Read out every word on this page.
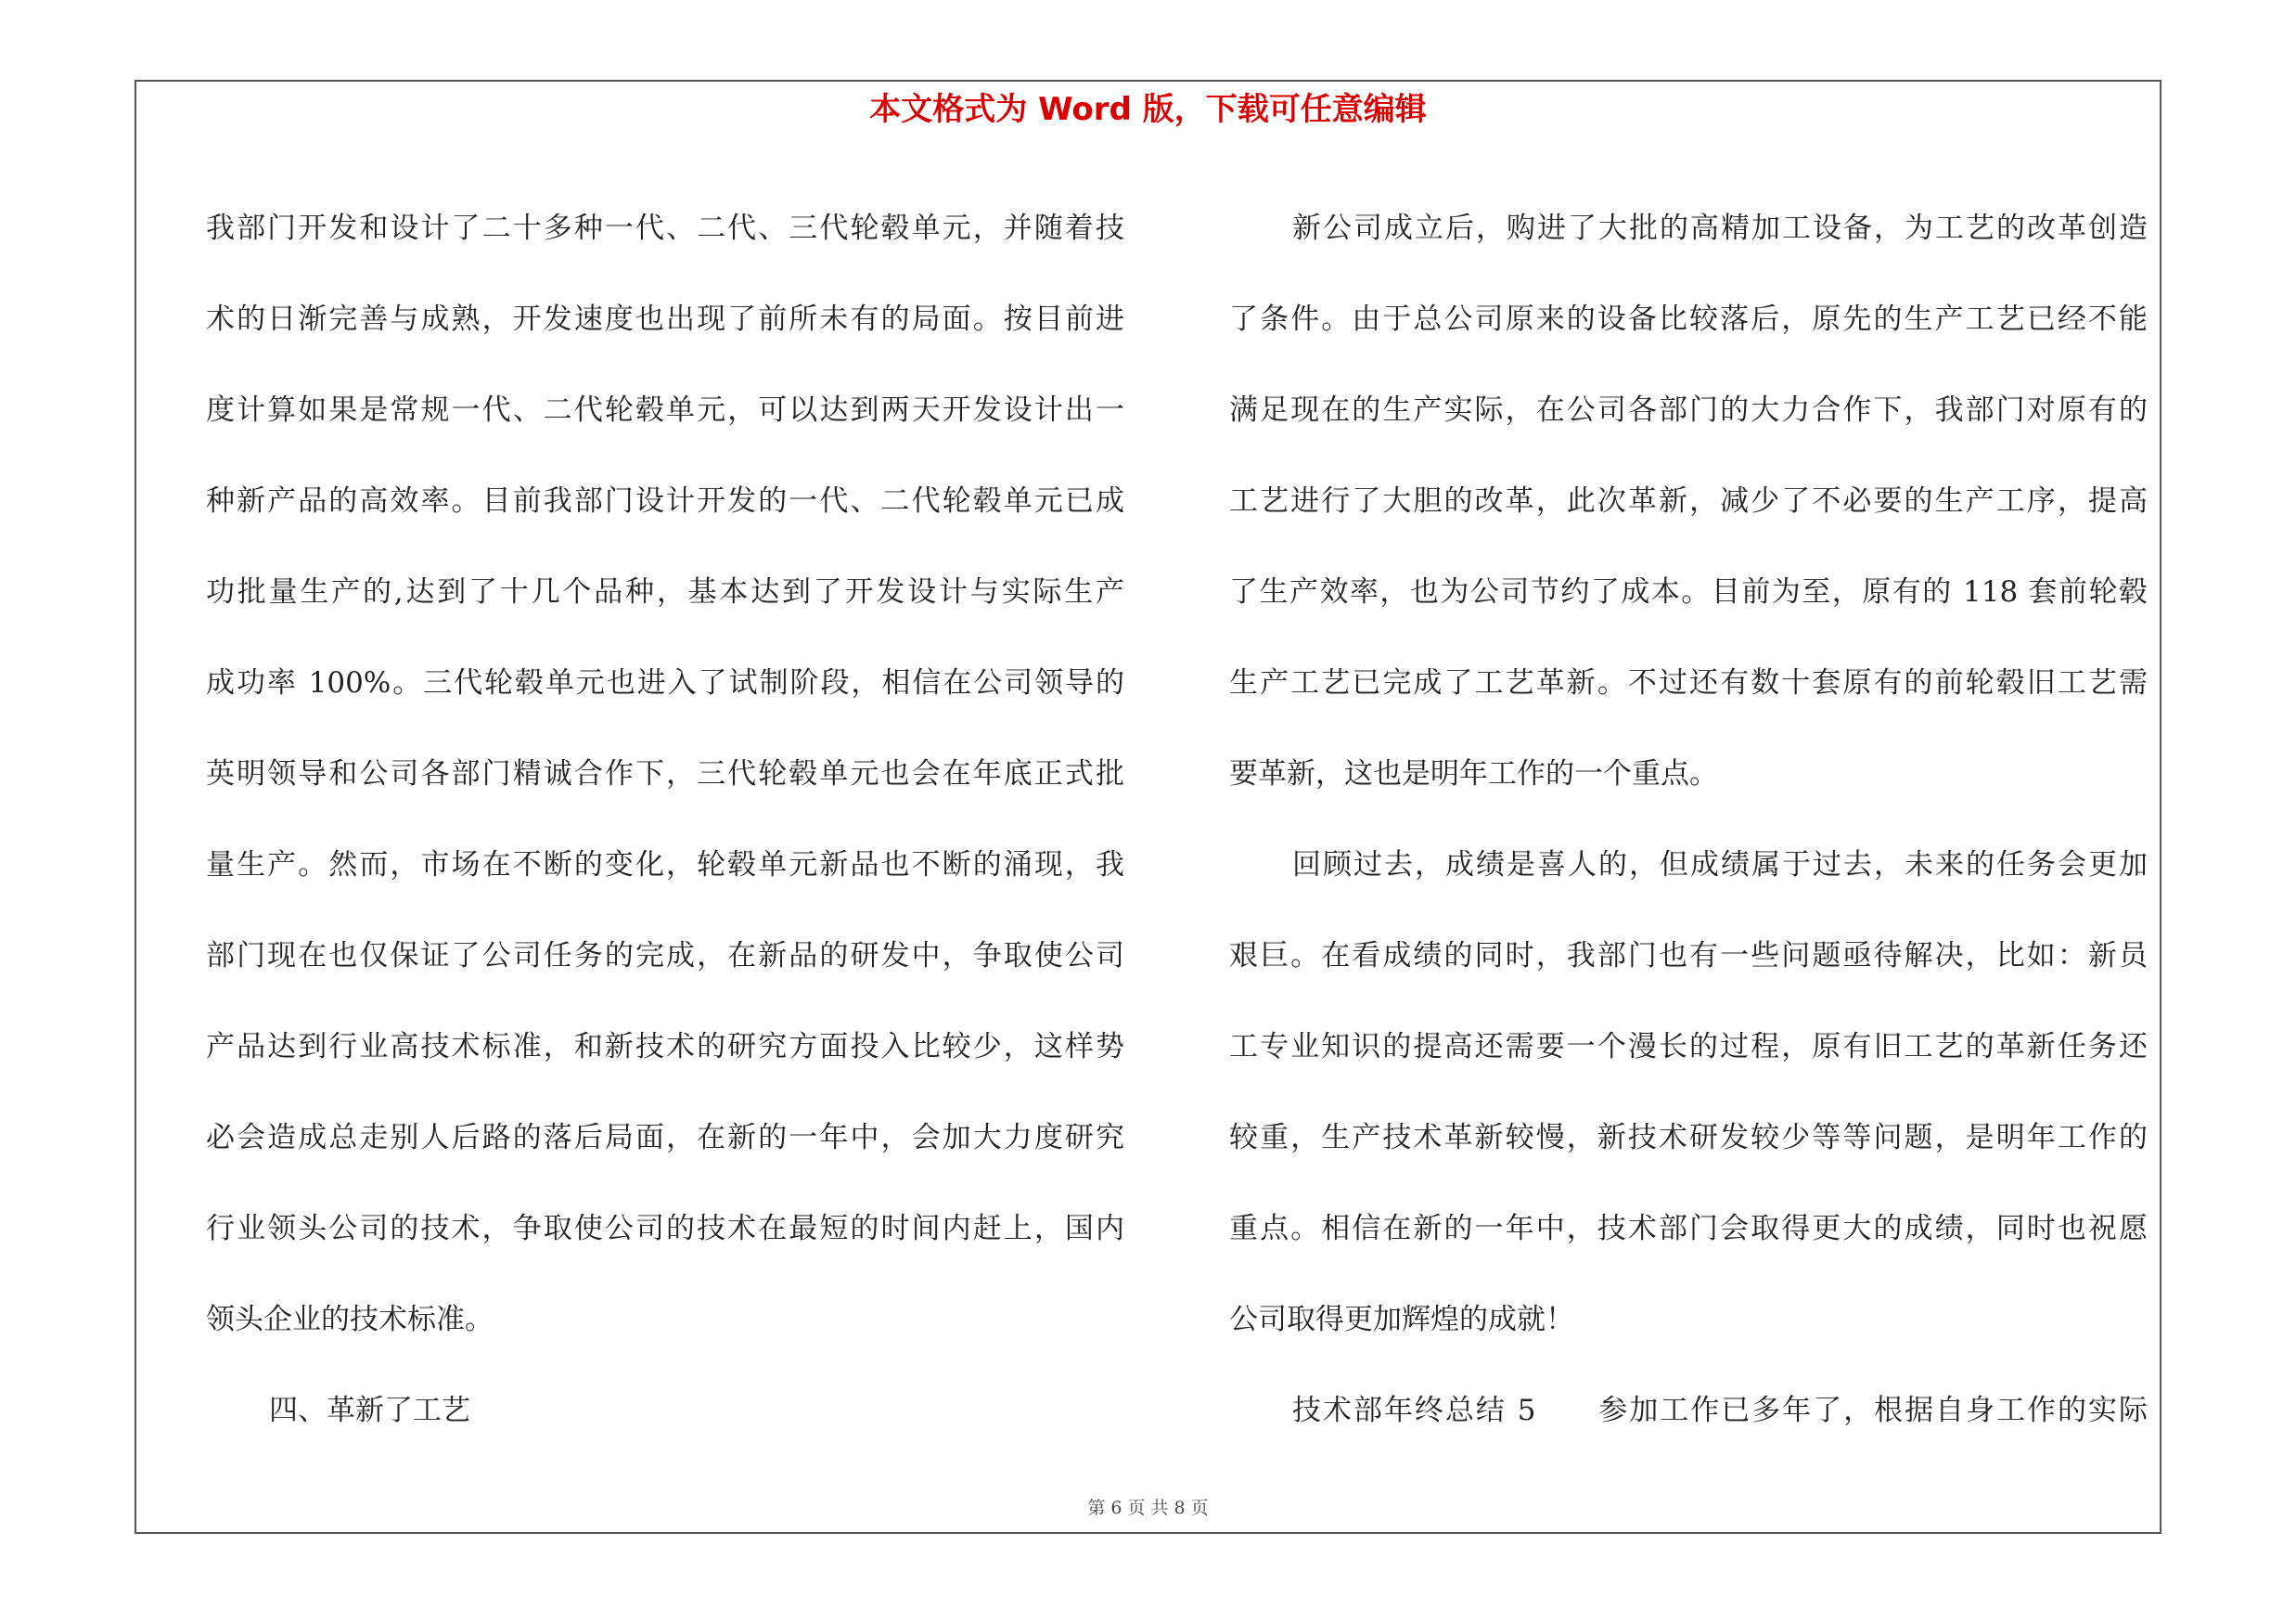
本文格式为 Word 版，下载可任意编辑
我部门开发和设计了二十多种一代、二代、三代轮毂单元，并随着技
术的日渐完善与成熟，开发速度也出现了前所未有的局面。按目前进
度计算如果是常规一代、二代轮毂单元，可以达到两天开发设计出一
种新产品的高效率。目前我部门设计开发的一代、二代轮毂单元已成
功批量生产的,达到了十几个品种，基本达到了开发设计与实际生产
成功率 100%。三代轮毂单元也进入了试制阶段，相信在公司领导的
英明领导和公司各部门精诚合作下，三代轮毂单元也会在年底正式批
量生产。然而，市场在不断的变化，轮毂单元新品也不断的涌现，我
部门现在也仅保证了公司任务的完成，在新品的研发中，争取使公司
产品达到行业高技术标准，和新技术的研究方面投入比较少，这样势
必会造成总走别人后路的落后局面，在新的一年中，会加大力度研究
行业领头公司的技术，争取使公司的技术在最短的时间内赶上，国内
领头企业的技术标准。
四、革新了工艺
新公司成立后，购进了大批的高精加工设备，为工艺的改革创造
了条件。由于总公司原来的设备比较落后，原先的生产工艺已经不能
满足现在的生产实际，在公司各部门的大力合作下，我部门对原有的
工艺进行了大胆的改革，此次革新，减少了不必要的生产工序，提高
了生产效率，也为公司节约了成本。目前为至，原有的 118 套前轮毂
生产工艺已完成了工艺革新。不过还有数十套原有的前轮毂旧工艺需
要革新，这也是明年工作的一个重点。
回顾过去，成绩是喜人的，但成绩属于过去，未来的任务会更加
艰巨。在看成绩的同时，我部门也有一些问题亟待解决，比如：新员
工专业知识的提高还需要一个漫长的过程，原有旧工艺的革新任务还
较重，生产技术革新较慢，新技术研发较少等等问题，是明年工作的
重点。相信在新的一年中，技术部门会取得更大的成绩，同时也祝愿
公司取得更加辉煌的成就！
技术部年终总结 5　　参加工作已多年了，根据自身工作的实际
第 6 页 共 8 页
